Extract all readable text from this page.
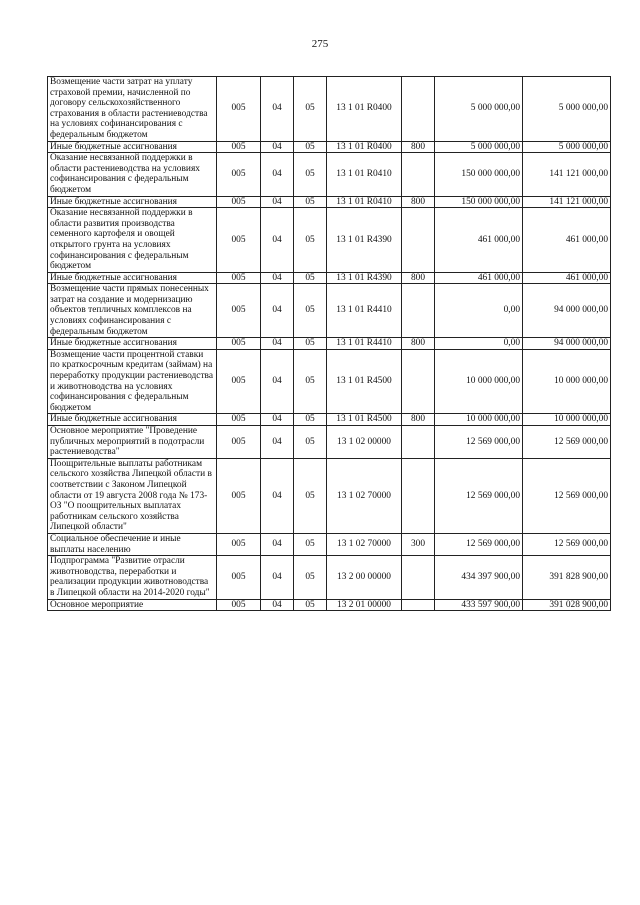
275
Возмещение части затрат на уплату страховой премии, начисленной по договору сельскохозяйственного страхования в области растениеводства на условиях софинансирования с федеральным бюджетом	005	04	05	13 1 01 R0400		5 000 000,00	5 000 000,00
Иные бюджетные ассигнования	005	04	05	13 1 01 R0400	800	5 000 000,00	5 000 000,00
Оказание несвязанной поддержки в области растениеводства на условиях софинансирования с федеральным бюджетом	005	04	05	13 1 01 R0410		150 000 000,00	141 121 000,00
Иные бюджетные ассигнования	005	04	05	13 1 01 R0410	800	150 000 000,00	141 121 000,00
Оказание несвязанной поддержки в области развития производства семенного картофеля и овощей открытого грунта на условиях софинансирования с федеральным бюджетом	005	04	05	13 1 01 R4390		461 000,00	461 000,00
Иные бюджетные ассигнования	005	04	05	13 1 01 R4390	800	461 000,00	461 000,00
Возмещение части прямых понесенных затрат на создание и модернизацию объектов тепличных комплексов на условиях софинансирования с федеральным бюджетом	005	04	05	13 1 01 R4410		0,00	94 000 000,00
Иные бюджетные ассигнования	005	04	05	13 1 01 R4410	800	0,00	94 000 000,00
Возмещение части процентной ставки по краткосрочным кредитам (займам) на переработку продукции растениеводства и животноводства на условиях софинансирования с федеральным бюджетом	005	04	05	13 1 01 R4500		10 000 000,00	10 000 000,00
Иные бюджетные ассигнования	005	04	05	13 1 01 R4500	800	10 000 000,00	10 000 000,00
Основное мероприятие "Проведение публичных мероприятий в подотрасли растениеводства"	005	04	05	13 1 02 00000		12 569 000,00	12 569 000,00
Поощрительные выплаты работникам сельского хозяйства Липецкой области в соответствии с Законом Липецкой области от 19 августа 2008 года № 173-ОЗ "О поощрительных выплатах работникам сельского хозяйства Липецкой области"	005	04	05	13 1 02 70000		12 569 000,00	12 569 000,00
Социальное обеспечение и иные выплаты населению	005	04	05	13 1 02 70000	300	12 569 000,00	12 569 000,00
Подпрограмма "Развитие отрасли животноводства, переработки и реализации продукции животноводства в Липецкой области на 2014-2020 годы"	005	04	05	13 2 00 00000		434 397 900,00	391 828 900,00
Основное мероприятие	005	04	05	13 2 01 00000		433 597 900,00	391 028 900,00
